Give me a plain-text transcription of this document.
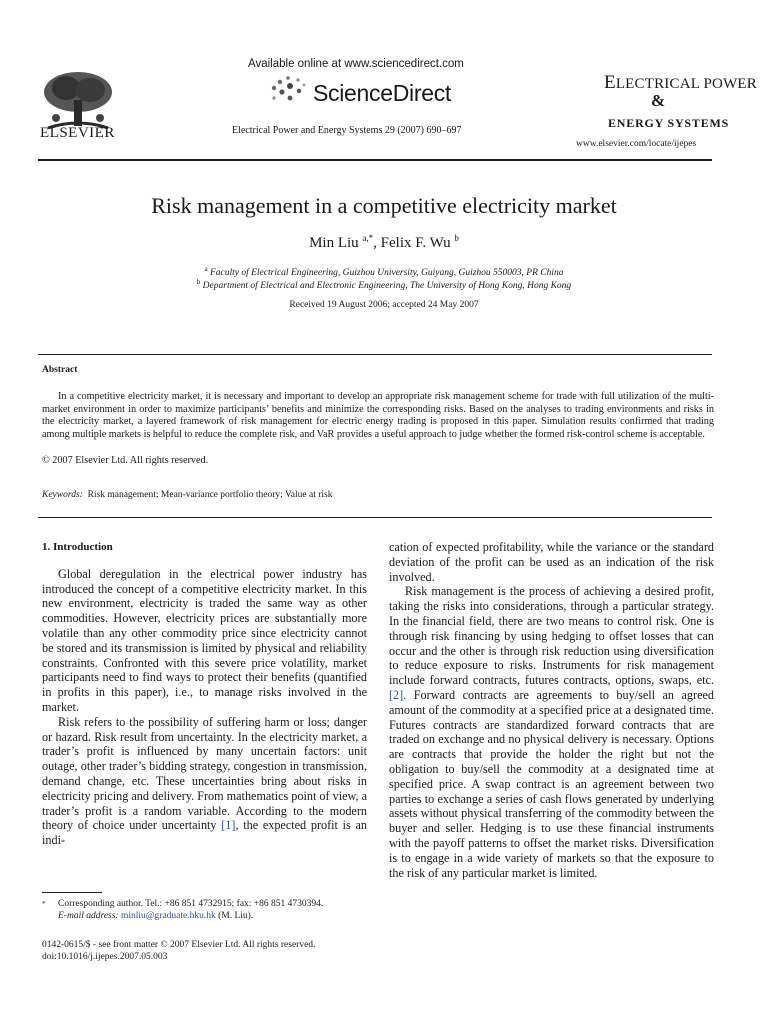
ELSEVIER
Available online at www.sciencedirect.com
ScienceDirect
Electrical Power and Energy Systems 29 (2007) 690–697
ELECTRICAL POWER
&
ENERGY SYSTEMS
www.elsevier.com/locate/ijepes
Risk management in a competitive electricity market
Min Liu $^{a,*}$, Felix F. Wu $^b$
$^a$ Faculty of Electrical Engineering, Guizhou University, Guiyang, Guizhou 550003, PR China
$^b$ Department of Electrical and Electronic Engineering, The University of Hong Kong, Hong Kong
Received 19 August 2006; accepted 24 May 2007
Abstract
In a competitive electricity market, it is necessary and important to develop an appropriate risk management scheme for trade with full utilization of the multi-market environment in order to maximize participants’ benefits and minimize the corresponding risks. Based on the analyses to trading environments and risks in the electricity market, a layered framework of risk management for electric energy trading is proposed in this paper. Simulation results confirmed that trading among multiple markets is helpful to reduce the complete risk, and VaR provides a useful approach to judge whether the formed risk-control scheme is acceptable.
© 2007 Elsevier Ltd. All rights reserved.
Keywords: Risk management; Mean-variance portfolio theory; Value at risk
1. Introduction

Global deregulation in the electrical power industry has introduced the concept of a competitive electricity market. In this new environment, electricity is traded the same way as other commodities. However, electricity prices are substantially more volatile than any other commodity price since electricity cannot be stored and its transmission is limited by physical and reliability constraints. Confronted with this severe price volatility, market participants need to find ways to protect their benefits (quantified in profits in this paper), i.e., to manage risks involved in the market.

Risk refers to the possibility of suffering harm or loss; danger or hazard. Risk result from uncertainty. In the electricity market, a trader’s profit is influenced by many uncertain factors: unit outage, other trader’s bidding strategy, congestion in transmission, demand change, etc. These uncertainties bring about risks in electricity pricing and delivery. From mathematics point of view, a trader’s profit is a random variable. According to the modern theory of choice under uncertainty [1], the expected profit is an indi-

cation of expected profitability, while the variance or the standard deviation of the profit can be used as an indication of the risk involved.

Risk management is the process of achieving a desired profit, taking the risks into considerations, through a particular strategy. In the financial field, there are two means to control risk. One is through risk financing by using hedging to offset losses that can occur and the other is through risk reduction using diversification to reduce exposure to risks. Instruments for risk management include forward contracts, futures contracts, options, swaps, etc. [2]. Forward contracts are agreements to buy/sell an agreed amount of the commodity at a specified price at a designated time. Futures contracts are standardized forward contracts that are traded on exchange and no physical delivery is necessary. Options are contracts that provide the holder the right but not the obligation to buy/sell the commodity at a designated time at specified price. A swap contract is an agreement between two parties to exchange a series of cash flows generated by underlying assets without physical transferring of the commodity between the buyer and seller. Hedging is to use these financial instruments with the payoff patterns to offset the market risks. Diversification is to engage in a wide variety of markets so that the exposure to the risk of any particular market is limited.

* Corresponding author. Tel.: +86 851 4732915; fax: +86 851 4730394.
E-mail address: minliu@graduate.hku.hk (M. Liu).
0142-0615/$ - see front matter © 2007 Elsevier Ltd. All rights reserved.
doi:10.1016/j.ijepes.2007.05.003
